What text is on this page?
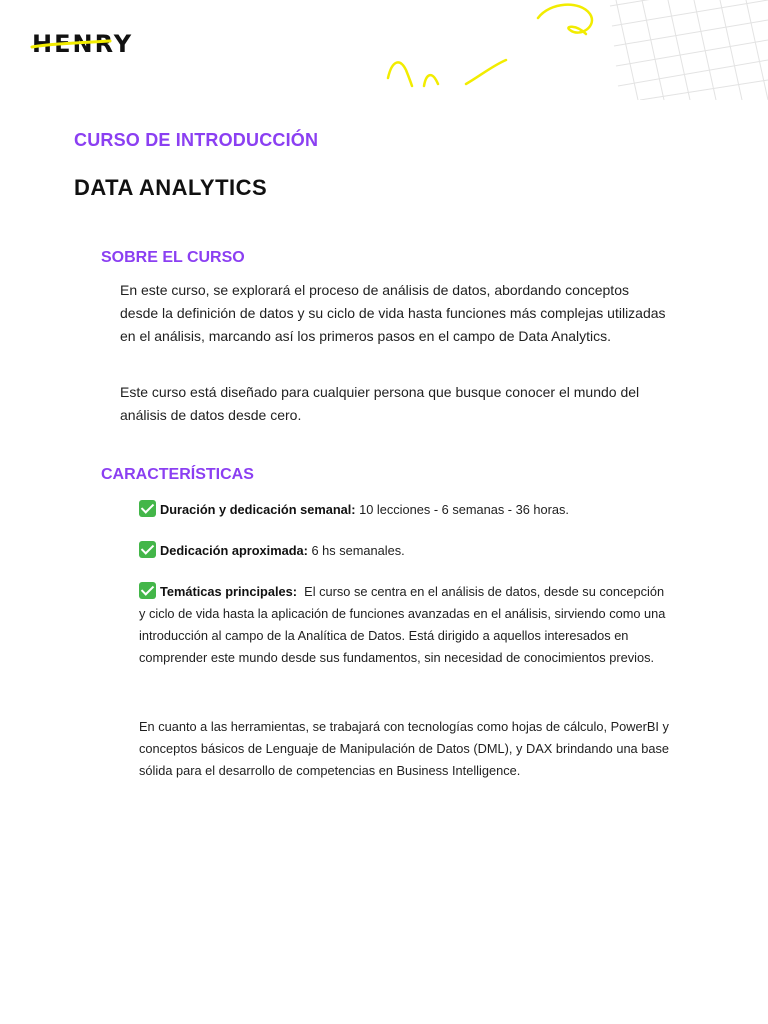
HENRY
CURSO DE INTRODUCCIÓN
DATA ANALYTICS
SOBRE EL CURSO

En este curso, se explorará el proceso de análisis de datos, abordando conceptos desde la definición de datos y su ciclo de vida hasta funciones más complejas utilizadas en el análisis, marcando así los primeros pasos en el campo de Data Analytics.

Este curso está diseñado para cualquier persona que busque conocer el mundo del análisis de datos desde cero.

CARACTERÍSTICAS

Duración y dedicación semanal: 10 lecciones - 6 semanas - 36 horas.

Dedicación aproximada: 6 hs semanales.

Temáticas principales: El curso se centra en el análisis de datos, desde su concepción y ciclo de vida hasta la aplicación de funciones avanzadas en el análisis, sirviendo como una introducción al campo de la Analítica de Datos. Está dirigido a aquellos interesados en comprender este mundo desde sus fundamentos, sin necesidad de conocimientos previos.

En cuanto a las herramientas, se trabajará con tecnologías como hojas de cálculo, PowerBI y conceptos básicos de Lenguaje de Manipulación de Datos (DML), y DAX brindando una base sólida para el desarrollo de competencias en Business Intelligence.
